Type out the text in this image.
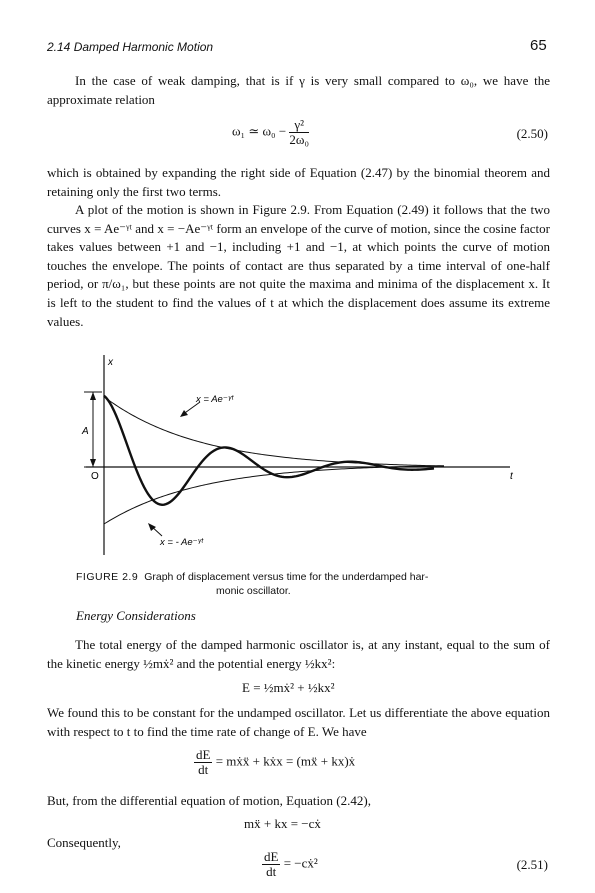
2.14 Damped Harmonic Motion	65
In the case of weak damping, that is if γ is very small compared to ω₀, we have the approximate relation
ω₁ ≃ $\omega_0 - \frac{\text{γ²}}{\text{2ω₀}}$	(2.50)
which is obtained by expanding the right side of Equation (2.47) by the binomial theorem and retaining only the first two terms.
A plot of the motion is shown in Figure 2.9. From Equation (2.49) it follows that the two curves x = Ae⁻ᵞᵗ and x = −Ae⁻ᵞᵗ form an envelope of the curve of motion, since the cosine factor takes values between +1 and −1, including +1 and −1, at which points the curve of motion touches the envelope. The points of contact are thus separated by a time interval of one-half period, or π/ω₁, but these points are not quite the maxima and minima of the displacement x. It is left to the student to find the values of t at which the displacement does assume its extreme values.
x
t
O
A
x = Ae⁻ᵞᵗ
x = - Ae⁻ᵞᵗ
FIGURE 2.9 Graph of displacement versus time for the underdamped har-
monic oscillator.
Energy Considerations
The total energy of the damped harmonic oscillator is, at any instant, equal to the sum of the kinetic energy ½mẋ² and the potential energy ½kx²:
E = ½mẋ² + ½kx²
We found this to be constant for the undamped oscillator. Let us differentiate the above equation with respect to t to find the time rate of change of E. We have
$\frac{dE}{dt}$ = mẋẍ + kẋx = (mẍ + kx)ẋ
But, from the differential equation of motion, Equation (2.42),
mẍ + kx = −cẋ
Consequently,
$\frac{dE}{dt}$ = −cẋ²	(2.51)
